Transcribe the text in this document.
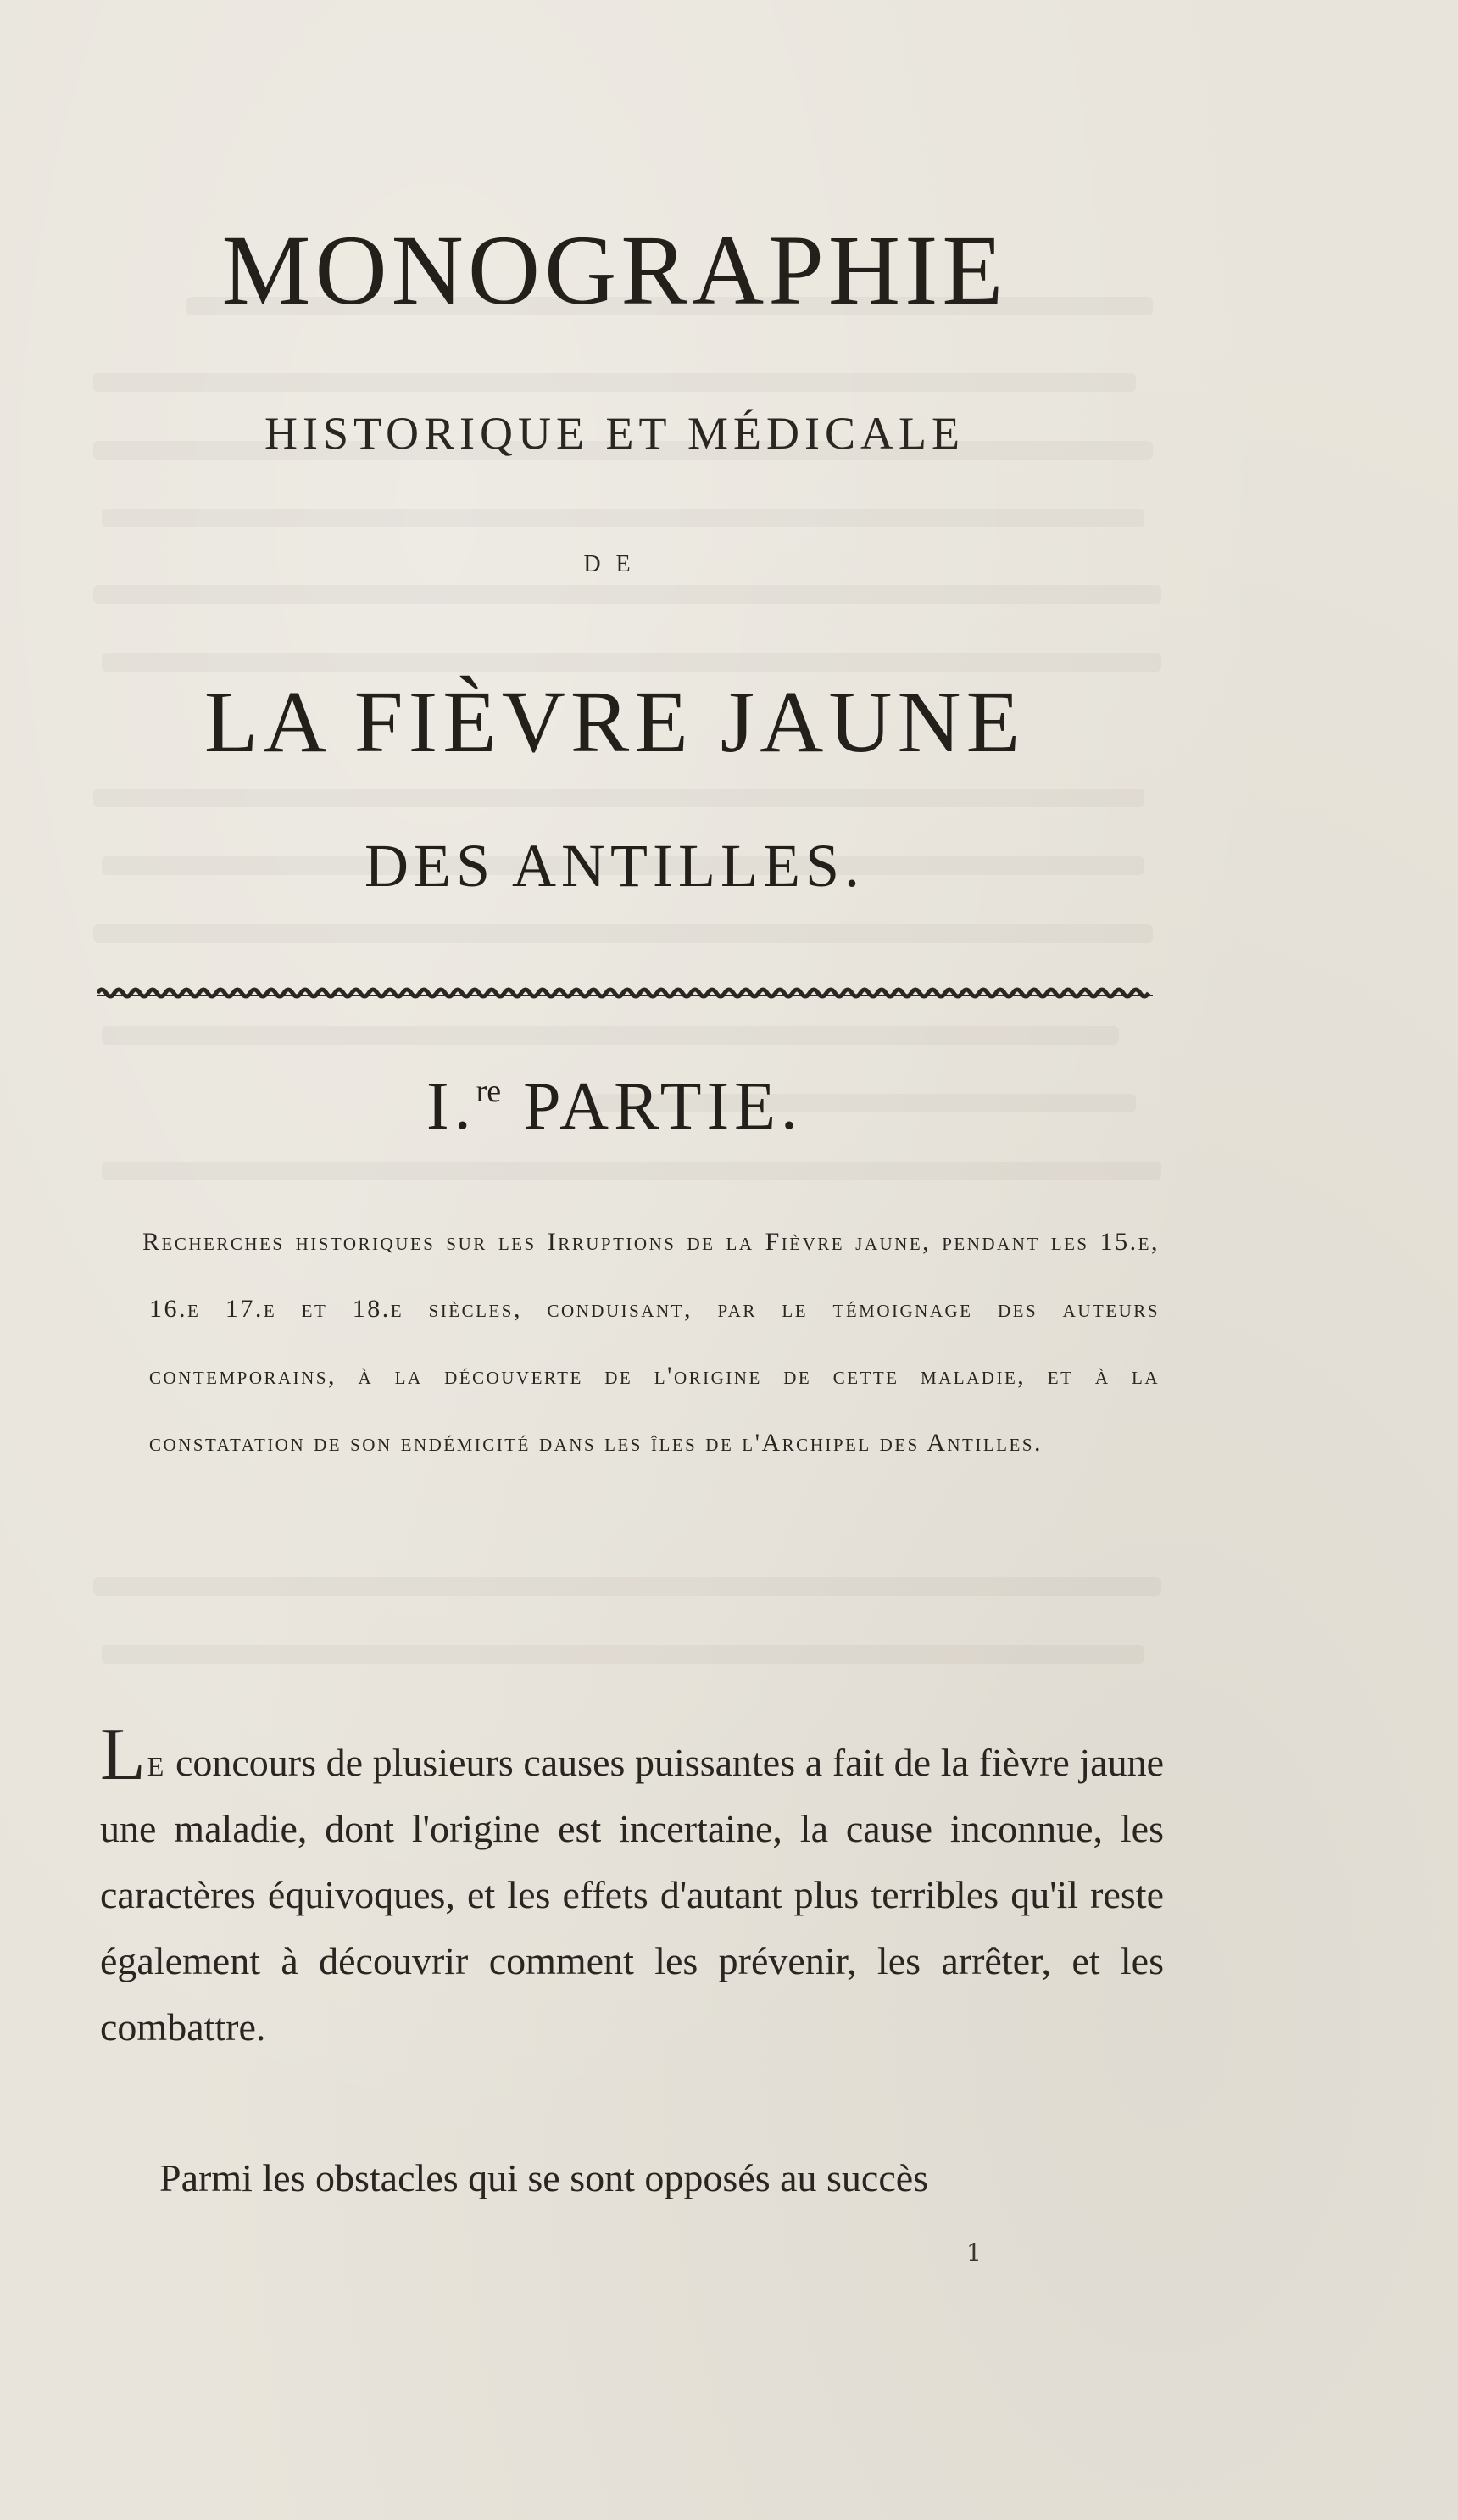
MONOGRAPHIE
HISTORIQUE ET MÉDICALE
DE
LA FIÈVRE JAUNE
DES ANTILLES.
I.$^{re}$ PARTIE.

Recherches historiques sur les Irruptions de la Fièvre jaune, pendant les 15.e, 16.e 17.e et 18.e siècles, conduisant, par le témoignage des auteurs contemporains, à la découverte de l'origine de cette maladie, et à la constatation de son endémicité dans les îles de l'Archipel des Antilles.

Le concours de plusieurs causes puissantes a fait de la fièvre jaune une maladie, dont l'origine est incertaine, la cause inconnue, les caractères équivoques, et les effets d'autant plus terribles qu'il reste également à découvrir comment les prévenir, les arrêter, et les combattre.
Parmi les obstacles qui se sont opposés au succès
1
